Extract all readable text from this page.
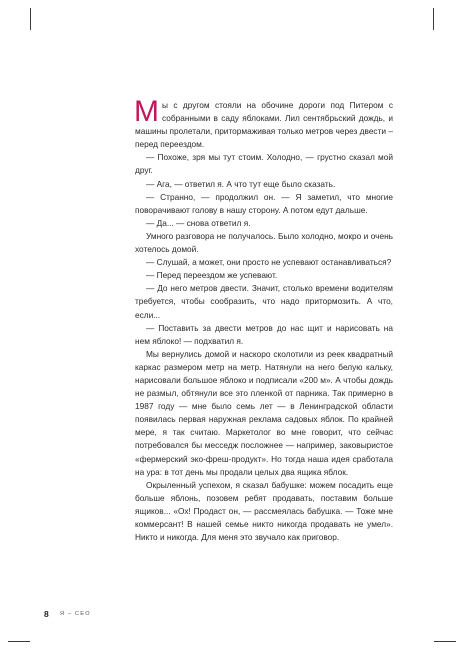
Мы с другом стояли на обочине дороги под Питером с собранными в саду яблоками. Лил сентябрьский дождь, и машины пролетали, притормаживая только метров через двести – перед переездом.

— Похоже, зря мы тут стоим. Холодно, — грустно сказал мой друг.

— Ага, — ответил я. А что тут еще было сказать.

— Странно, — продолжил он. — Я заметил, что многие поворачивают голову в нашу сторону. А потом едут дальше.

— Да... — снова ответил я.

Умного разговора не получалось. Было холодно, мокро и очень хотелось домой.

— Слушай, а может, они просто не успевают останавливаться?

— Перед переездом же успевают.

— До него метров двести. Значит, столько времени водителям требуется, чтобы сообразить, что надо притормозить. А что, если...

— Поставить за двести метров до нас щит и нарисовать на нем яблоко! — подхватил я.

Мы вернулись домой и наскоро сколотили из реек квадратный каркас размером метр на метр. Натянули на него белую кальку, нарисовали большое яблоко и подписали «200 м». А чтобы дождь не размыл, обтянули все это пленкой от парника. Так примерно в 1987 году — мне было семь лет — в Ленинградской области появилась первая наружная реклама садовых яблок. По крайней мере, я так считаю. Маркетолог во мне говорит, что сейчас потребовался бы месседж посложнее — например, заковыристое «фермерский эко-фреш-продукт». Но тогда наша идея сработала на ура: в тот день мы продали целых два ящика яблок.

Окрыленный успехом, я сказал бабушке: можем посадить еще больше яблонь, позовем ребят продавать, поставим больше ящиков... «Ох! Продаст он, — рассмеялась бабушка. — Тоже мне коммерсант! В нашей семье никто никогда продавать не умел». Никто и никогда. Для меня это звучало как приговор.

8 Я – СЕО
